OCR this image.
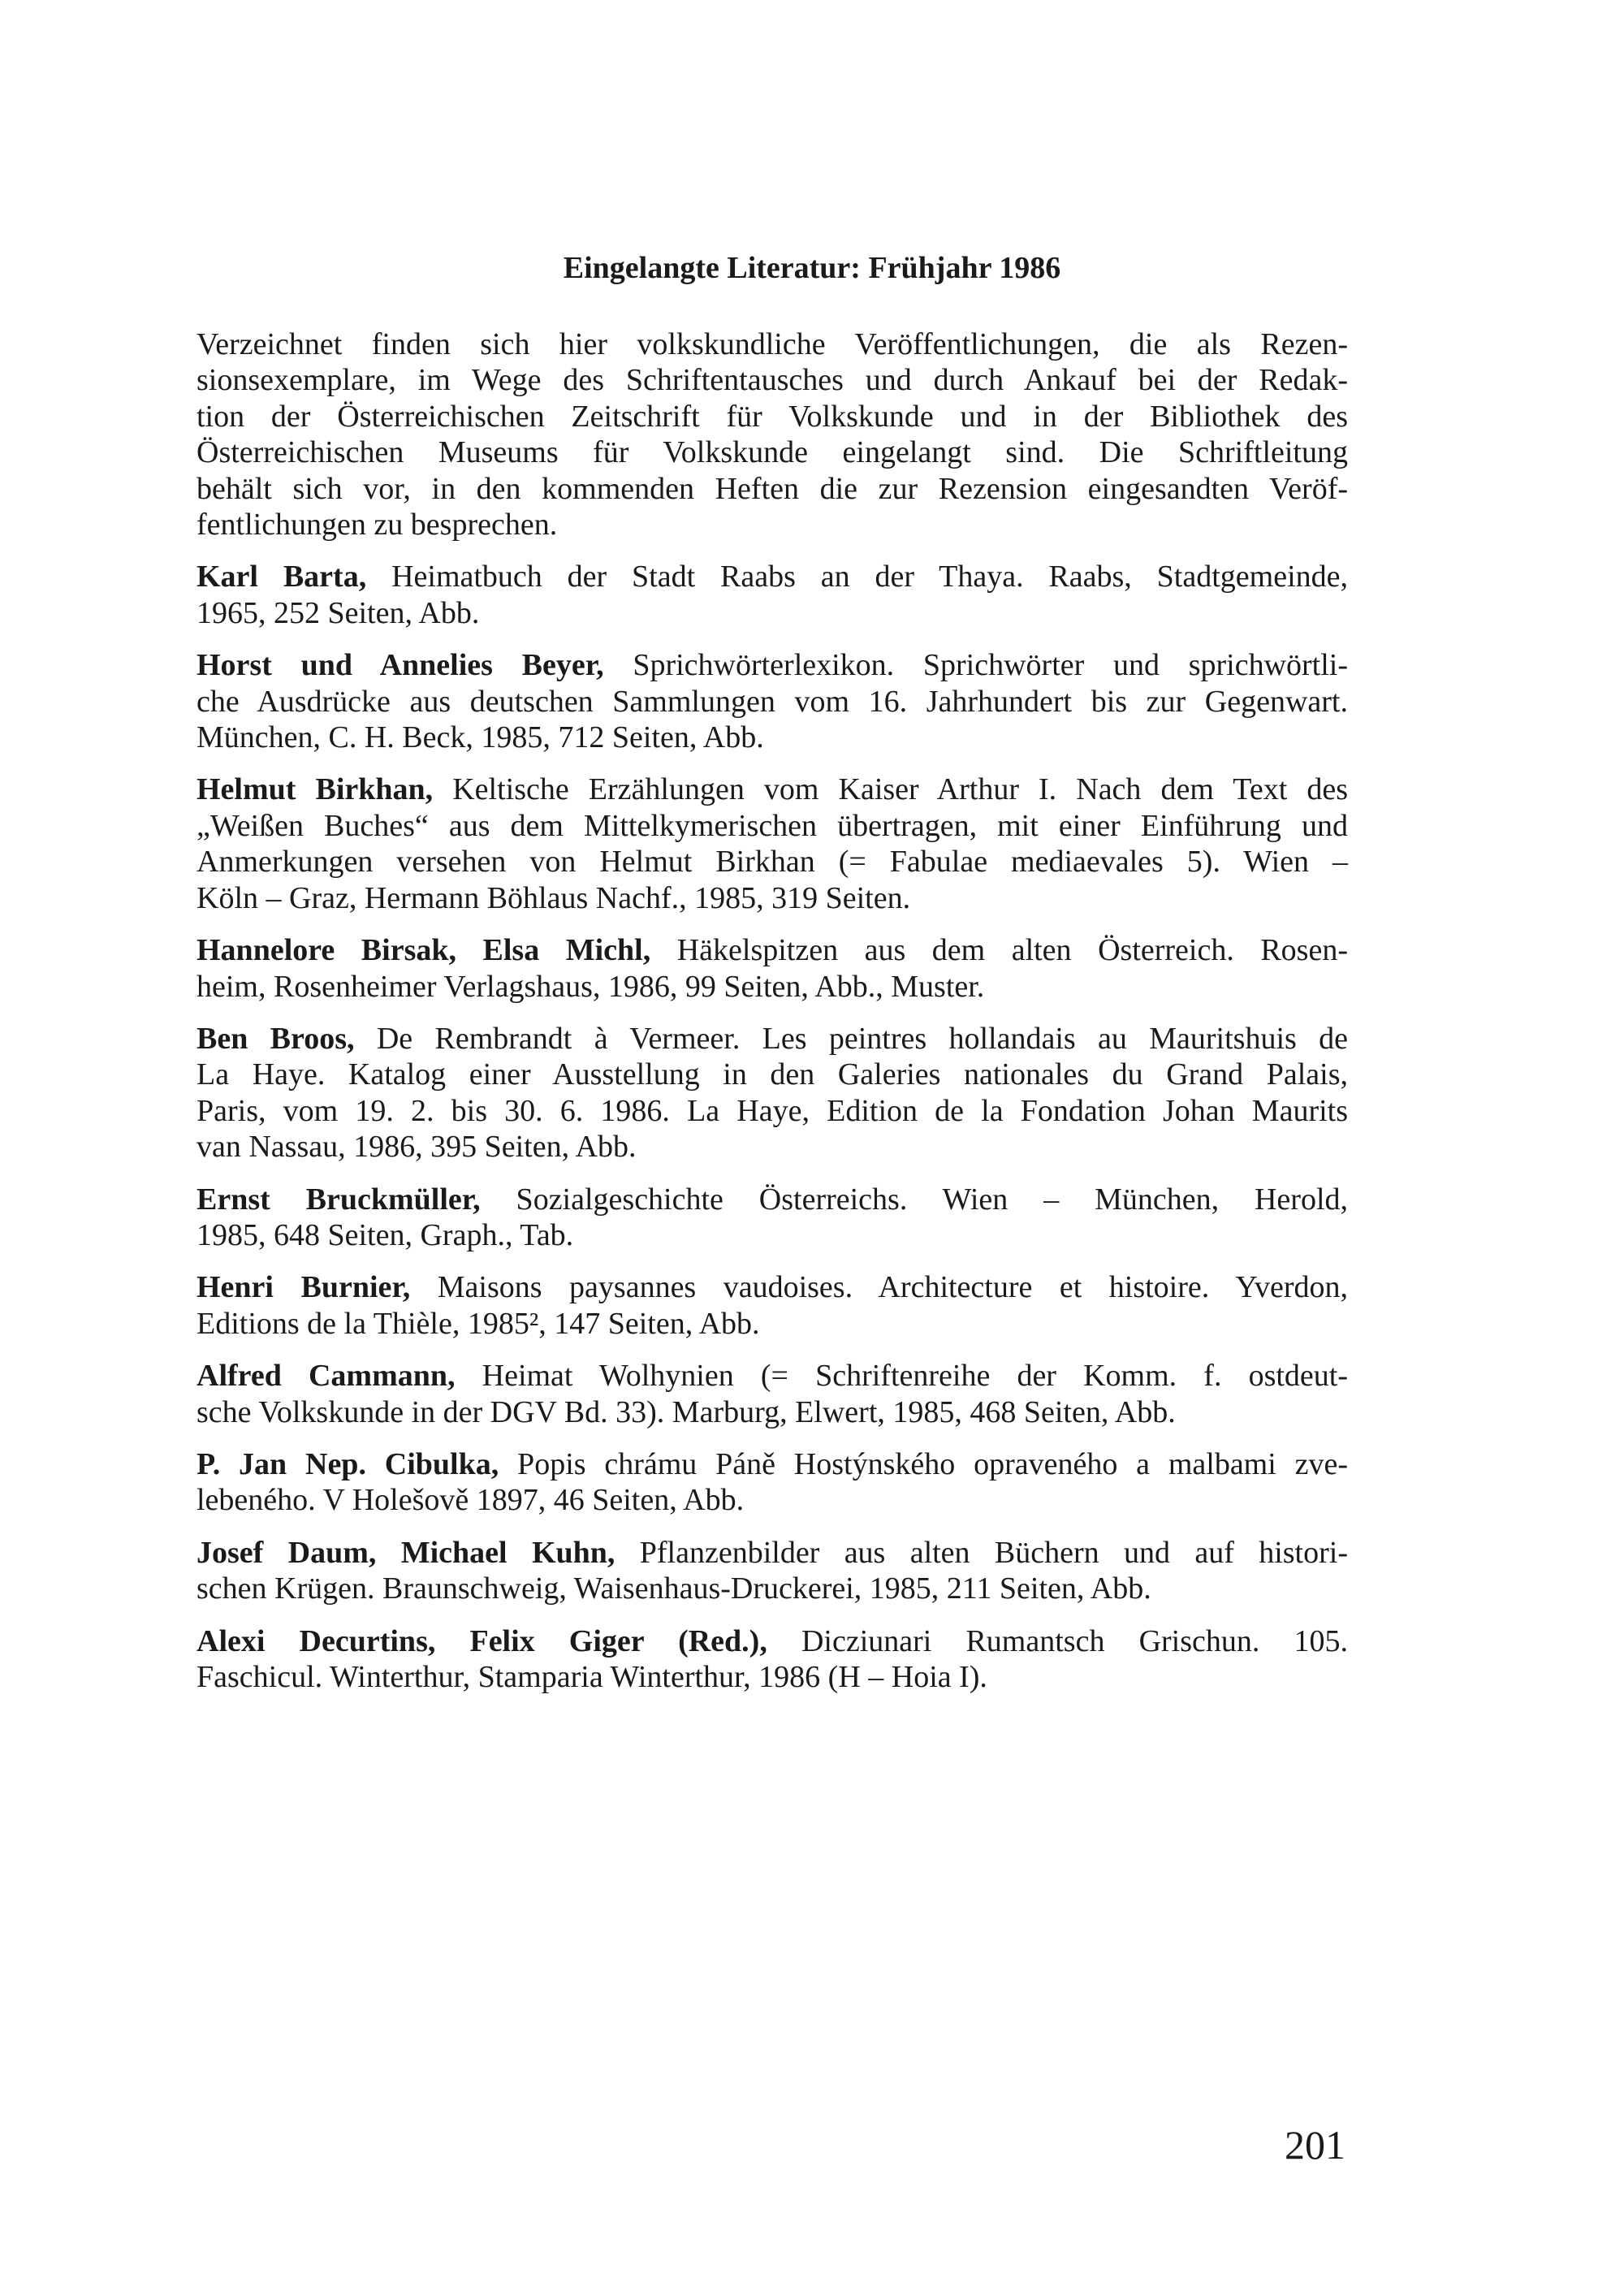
Eingelangte Literatur: Frühjahr 1986
Verzeichnet finden sich hier volkskundliche Veröffentlichungen, die als Rezen-
sionsexemplare, im Wege des Schriftentausches und durch Ankauf bei der Redak-
tion der Österreichischen Zeitschrift für Volkskunde und in der Bibliothek des
Österreichischen Museums für Volkskunde eingelangt sind. Die Schriftleitung
behält sich vor, in den kommenden Heften die zur Rezension eingesandten Veröf-
fentlichungen zu besprechen.
Karl Barta, Heimatbuch der Stadt Raabs an der Thaya. Raabs, Stadtgemeinde,
1965, 252 Seiten, Abb.
Horst und Annelies Beyer, Sprichwörterlexikon. Sprichwörter und sprichwörtli-
che Ausdrücke aus deutschen Sammlungen vom 16. Jahrhundert bis zur Gegenwart.
München, C. H. Beck, 1985, 712 Seiten, Abb.
Helmut Birkhan, Keltische Erzählungen vom Kaiser Arthur I. Nach dem Text des
„Weißen Buches“ aus dem Mittelkymerischen übertragen, mit einer Einführung und
Anmerkungen versehen von Helmut Birkhan (= Fabulae mediaevales 5). Wien –
Köln – Graz, Hermann Böhlaus Nachf., 1985, 319 Seiten.
Hannelore Birsak, Elsa Michl, Häkelspitzen aus dem alten Österreich. Rosen-
heim, Rosenheimer Verlagshaus, 1986, 99 Seiten, Abb., Muster.
Ben Broos, De Rembrandt à Vermeer. Les peintres hollandais au Mauritshuis de
La Haye. Katalog einer Ausstellung in den Galeries nationales du Grand Palais,
Paris, vom 19. 2. bis 30. 6. 1986. La Haye, Edition de la Fondation Johan Maurits
van Nassau, 1986, 395 Seiten, Abb.
Ernst Bruckmüller, Sozialgeschichte Österreichs. Wien – München, Herold,
1985, 648 Seiten, Graph., Tab.
Henri Burnier, Maisons paysannes vaudoises. Architecture et histoire. Yverdon,
Editions de la Thièle, 1985², 147 Seiten, Abb.
Alfred Cammann, Heimat Wolhynien (= Schriftenreihe der Komm. f. ostdeut-
sche Volkskunde in der DGV Bd. 33). Marburg, Elwert, 1985, 468 Seiten, Abb.
P. Jan Nep. Cibulka, Popis chrámu Páně Hostýnského opraveného a malbami zve-
lebeného. V Holešově 1897, 46 Seiten, Abb.
Josef Daum, Michael Kuhn, Pflanzenbilder aus alten Büchern und auf histori-
schen Krügen. Braunschweig, Waisenhaus-Druckerei, 1985, 211 Seiten, Abb.
Alexi Decurtins, Felix Giger (Red.), Dicziunari Rumantsch Grischun. 105.
Faschicul. Winterthur, Stamparia Winterthur, 1986 (H – Hoia I).
201
